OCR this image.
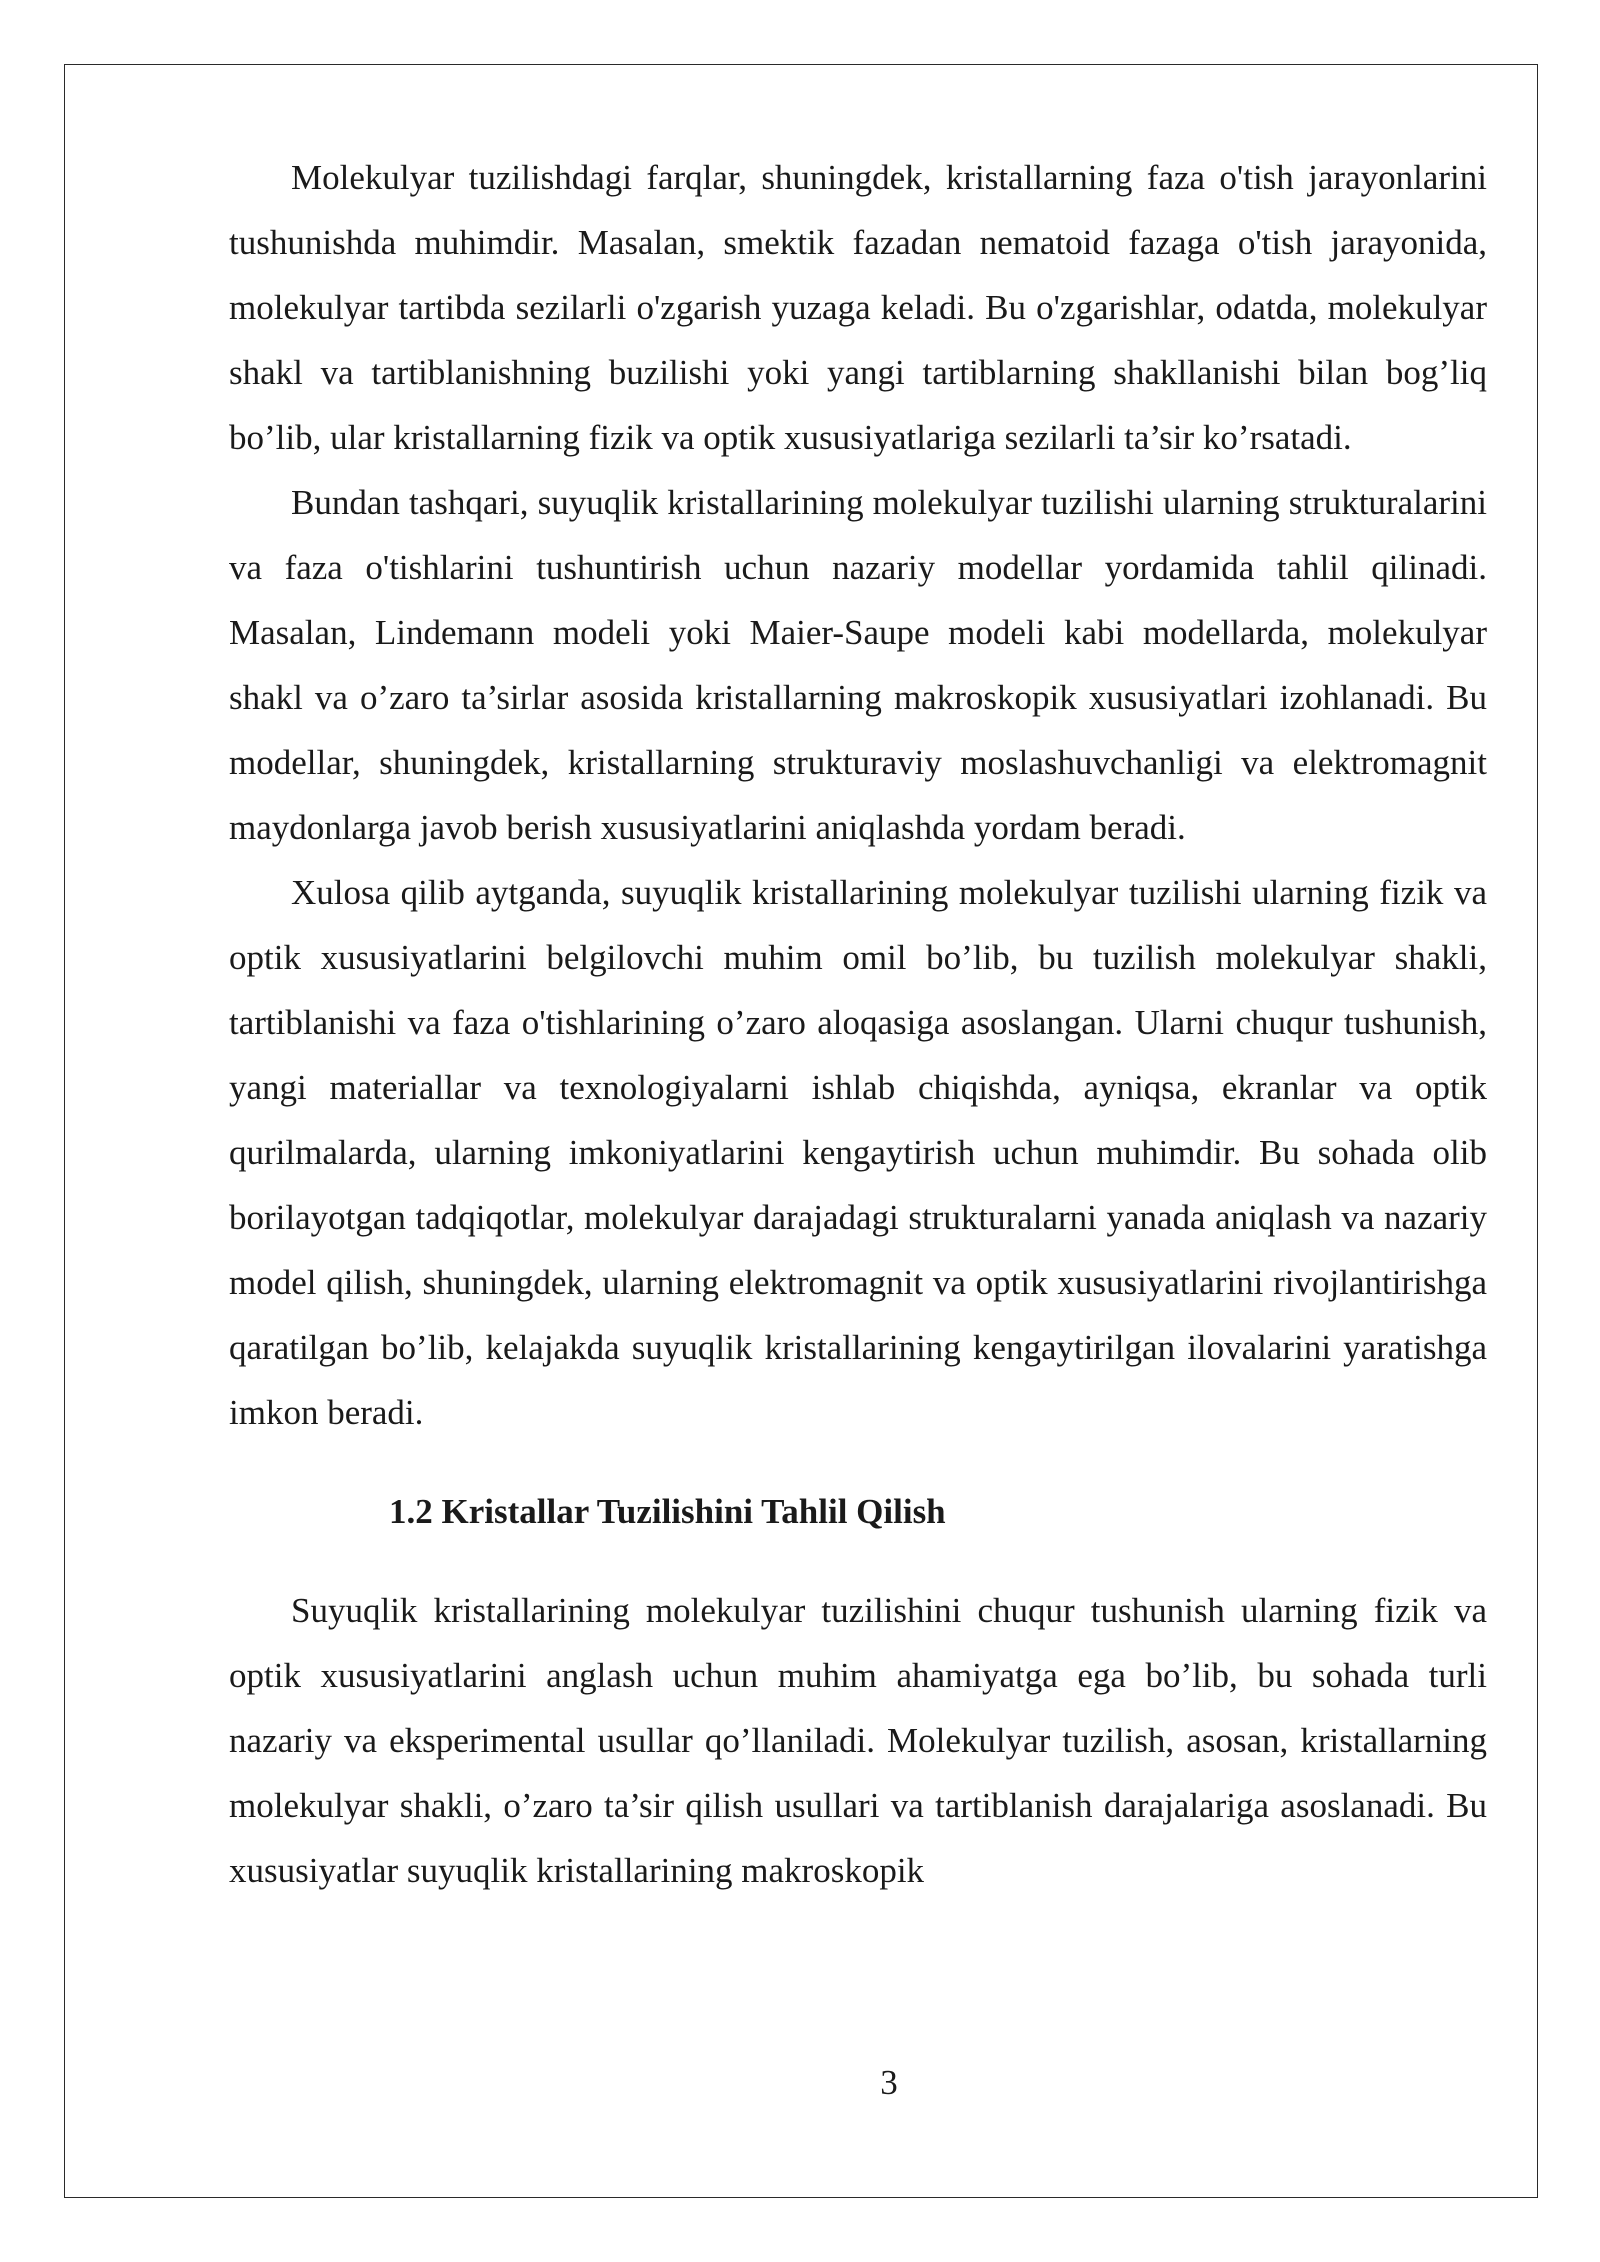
Molekulyar tuzilishdagi farqlar, shuningdek, kristallarning faza o'tish jarayonlarini tushunishda muhimdir. Masalan, smektik fazadan nematoid fazaga o'tish jarayonida, molekulyar tartibda sezilarli o'zgarish yuzaga keladi. Bu o'zgarishlar, odatda, molekulyar shakl va tartiblanishning buzilishi yoki yangi tartiblarning shakllanishi bilan bog’liq bo’lib, ular kristallarning fizik va optik xususiyatlariga sezilarli ta’sir ko’rsatadi.

Bundan tashqari, suyuqlik kristallarining molekulyar tuzilishi ularning strukturalarini va faza o'tishlarini tushuntirish uchun nazariy modellar yordamida tahlil qilinadi. Masalan, Lindemann modeli yoki Maier-Saupe modeli kabi modellarda, molekulyar shakl va o’zaro ta’sirlar asosida kristallarning makroskopik xususiyatlari izohlanadi. Bu modellar, shuningdek, kristallarning strukturaviy moslashuvchanligi va elektromagnit maydonlarga javob berish xususiyatlarini aniqlashda yordam beradi.

Xulosa qilib aytganda, suyuqlik kristallarining molekulyar tuzilishi ularning fizik va optik xususiyatlarini belgilovchi muhim omil bo’lib, bu tuzilish molekulyar shakli, tartiblanishi va faza o'tishlarining o’zaro aloqasiga asoslangan. Ularni chuqur tushunish, yangi materiallar va texnologiyalarni ishlab chiqishda, ayniqsa, ekranlar va optik qurilmalarda, ularning imkoniyatlarini kengaytirish uchun muhimdir. Bu sohada olib borilayotgan tadqiqotlar, molekulyar darajadagi strukturalarni yanada aniqlash va nazariy model qilish, shuningdek, ularning elektromagnit va optik xususiyatlarini rivojlantirishga qaratilgan bo’lib, kelajakda suyuqlik kristallarining kengaytirilgan ilovalarini yaratishga imkon beradi.

1.2 Kristallar Tuzilishini Tahlil Qilish

Suyuqlik kristallarining molekulyar tuzilishini chuqur tushunish ularning fizik va optik xususiyatlarini anglash uchun muhim ahamiyatga ega bo’lib, bu sohada turli nazariy va eksperimental usullar qo’llaniladi. Molekulyar tuzilish, asosan, kristallarning molekulyar shakli, o’zaro ta’sir qilish usullari va tartiblanish darajalariga asoslanadi. Bu xususiyatlar suyuqlik kristallarining makroskopik

3
